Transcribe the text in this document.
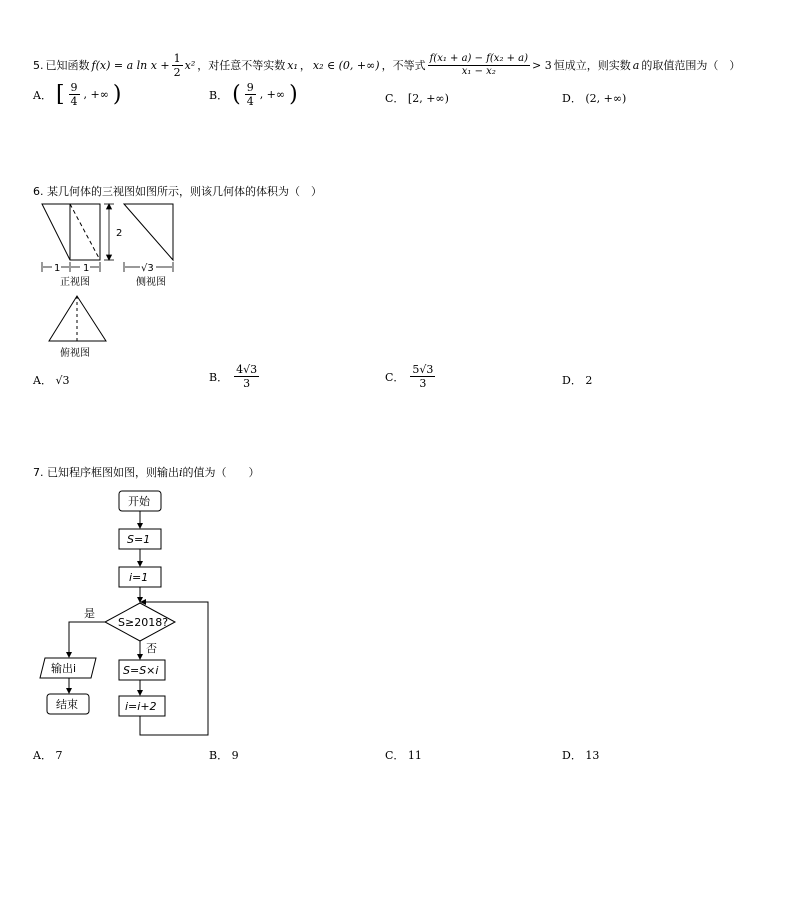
5. 已知函数 f(x) = a $\ln x + \frac{1}{2} x^2$ ，对任意不等实数 x₁ ， x₂ ∈ (0, +∞) ，不等式 $\frac{\text{f(x₁ + a) − f(x₂ + a)}}{\text{x₁ − x₂}} > 3$ 恒成立，则实数 a 的取值范围为（　）
A． [ $\frac{9}{4}$ , +∞ )	B． ( $\frac{9}{4}$ , +∞ )	C． [2, +∞)	D． (2, +∞)
6. 某几何体的三视图如图所示，则该几何体的体积为（　）
2
1 1
正视图
√3
侧视图
俯视图
A． √3	B． $\frac{4√3}{3}$	C． $\frac{5√3}{3}$	D． 2
7. 已知程序框图如图，则输出i的值为（　　）
开始
S=1
i=1
S≥2018?
是
否
输出i
结束
S=S×i
i=i+2
A． 7	B． 9	C． 11	D． 13
